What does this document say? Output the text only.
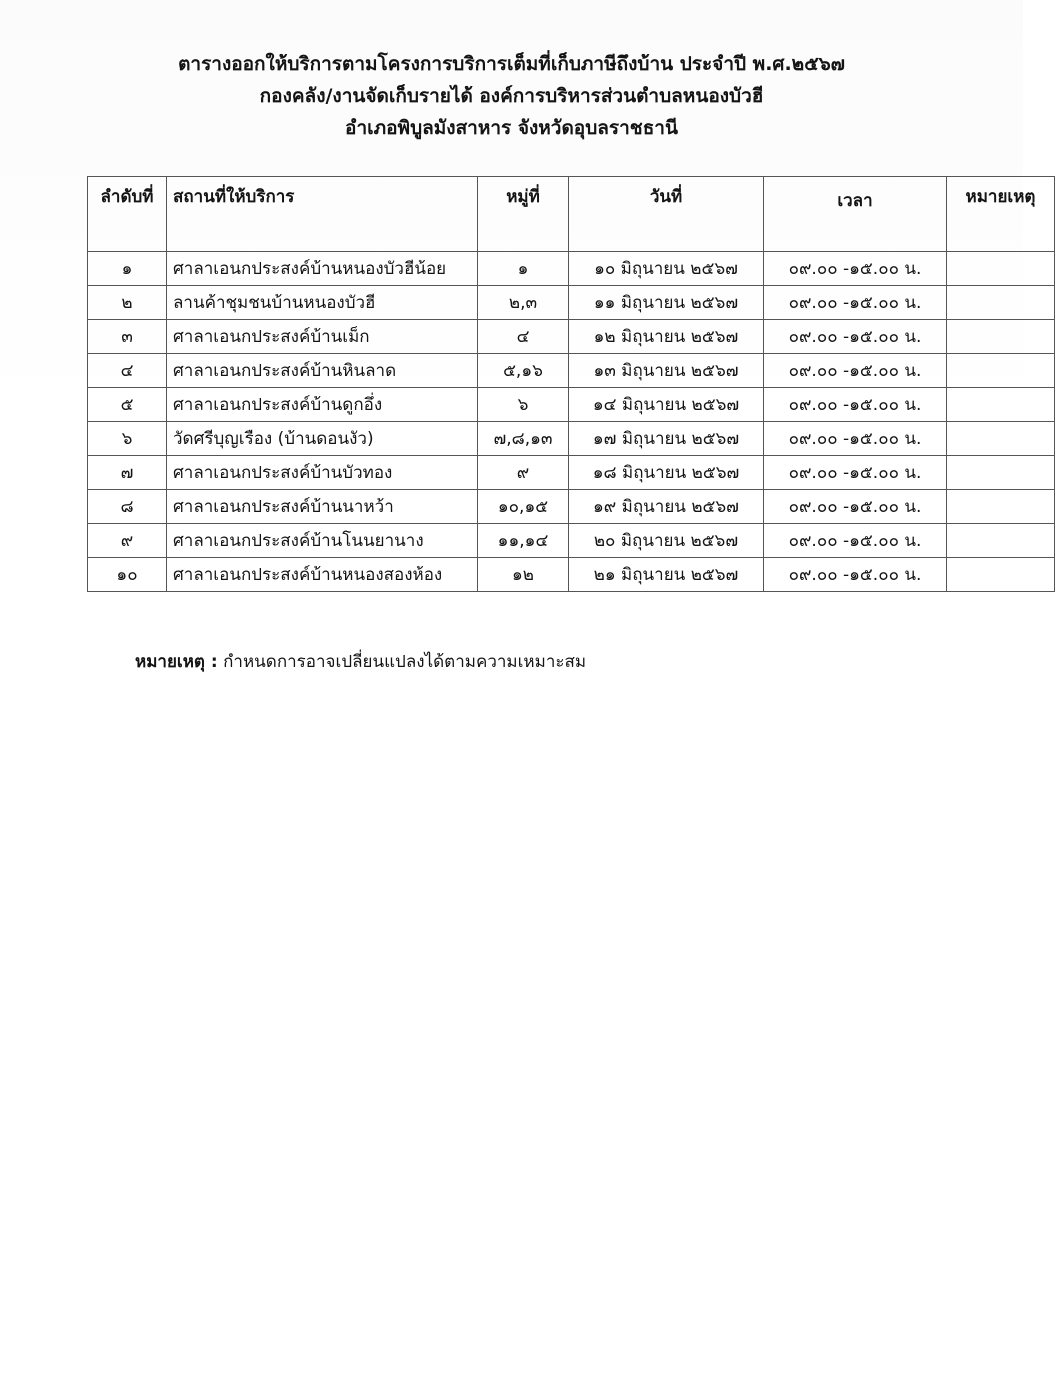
ตารางออกให้บริการตามโครงการบริการเต็มที่เก็บภาษีถึงบ้าน ประจำปี พ.ศ.๒๕๖๗
กองคลัง/งานจัดเก็บรายได้ องค์การบริหารส่วนตำบลหนองบัวฮี
อำเภอพิบูลมังสาหาร จังหวัดอุบลราชธานี
ลำดับที่	สถานที่ให้บริการ	หมู่ที่	วันที่	เวลา	หมายเหตุ
๑	ศาลาเอนกประสงค์บ้านหนองบัวฮีน้อย	๑	๑๐ มิถุนายน ๒๕๖๗	๐๙.๐๐ -๑๕.๐๐ น.	
๒	ลานค้าชุมชนบ้านหนองบัวฮี	๒,๓	๑๑ มิถุนายน ๒๕๖๗	๐๙.๐๐ -๑๕.๐๐ น.	
๓	ศาลาเอนกประสงค์บ้านเม็ก	๔	๑๒ มิถุนายน ๒๕๖๗	๐๙.๐๐ -๑๕.๐๐ น.	
๔	ศาลาเอนกประสงค์บ้านหินลาด	๕,๑๖	๑๓ มิถุนายน ๒๕๖๗	๐๙.๐๐ -๑๕.๐๐ น.	
๕	ศาลาเอนกประสงค์บ้านดูกอึ่ง	๖	๑๔ มิถุนายน ๒๕๖๗	๐๙.๐๐ -๑๕.๐๐ น.	
๖	วัดศรีบุญเรือง (บ้านดอนงัว)	๗,๘,๑๓	๑๗ มิถุนายน ๒๕๖๗	๐๙.๐๐ -๑๕.๐๐ น.	
๗	ศาลาเอนกประสงค์บ้านบัวทอง	๙	๑๘ มิถุนายน ๒๕๖๗	๐๙.๐๐ -๑๕.๐๐ น.	
๘	ศาลาเอนกประสงค์บ้านนาหว้า	๑๐,๑๕	๑๙ มิถุนายน ๒๕๖๗	๐๙.๐๐ -๑๕.๐๐ น.	
๙	ศาลาเอนกประสงค์บ้านโนนยานาง	๑๑,๑๔	๒๐ มิถุนายน ๒๕๖๗	๐๙.๐๐ -๑๕.๐๐ น.	
๑๐	ศาลาเอนกประสงค์บ้านหนองสองห้อง	๑๒	๒๑ มิถุนายน ๒๕๖๗	๐๙.๐๐ -๑๕.๐๐ น.	
หมายเหตุ : กำหนดการอาจเปลี่ยนแปลงได้ตามความเหมาะสม
